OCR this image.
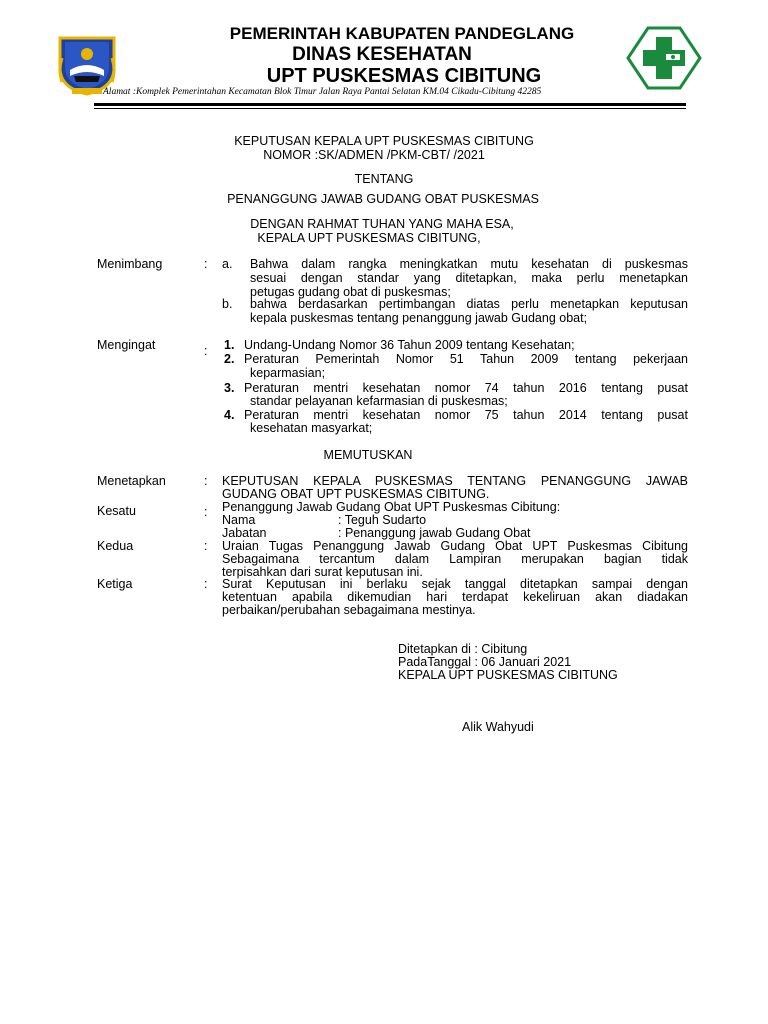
PEMERINTAH KABUPATEN PANDEGLANG
DINAS KESEHATAN
UPT PUSKESMAS CIBITUNG
Alamat :Komplek Pemerintahan Kecamatan Blok Timur Jalan Raya Pantai Selatan KM.04 Cikadu-Cibitung 42285
KEPUTUSAN KEPALA UPT PUSKESMAS CIBITUNG
NOMOR :SK/ADMEN /PKM-CBT/ /2021
TENTANG
PENANGGUNG JAWAB GUDANG OBAT PUSKESMAS
DENGAN RAHMAT TUHAN YANG MAHA ESA,
KEPALA UPT PUSKESMAS CIBITUNG,
Menimbang	: a. Bahwa dalam rangka meningkatkan mutu kesehatan di puskesmas
sesuai dengan standar yang ditetapkan, maka perlu menetapkan
petugas gudang obat di puskesmas;
b. bahwa berdasarkan pertimbangan diatas perlu menetapkan keputusan
kepala puskesmas tentang penanggung jawab Gudang obat;
Mengingat	: 1. Undang-Undang Nomor 36 Tahun 2009 tentang Kesehatan;
2. Peraturan Pemerintah Nomor 51 Tahun 2009 tentang pekerjaan
keparmasian;
3. Peraturan mentri kesehatan nomor 74 tahun 2016 tentang pusat
standar pelayanan kefarmasian di puskesmas;
4. Peraturan mentri kesehatan nomor 75 tahun 2014 tentang pusat
kesehatan masyarkat;
MEMUTUSKAN
Menetapkan	: KEPUTUSAN KEPALA PUSKESMAS TENTANG PENANGGUNG JAWAB
GUDANG OBAT UPT PUSKESMAS CIBITUNG.
Kesatu	: Penanggung Jawab Gudang Obat UPT Puskesmas Cibitung:
Nama	: Teguh Sudarto
Jabatan	: Penanggung jawab Gudang Obat
Kedua	: Uraian Tugas Penanggung Jawab Gudang Obat UPT Puskesmas Cibitung
Sebagaimana tercantum dalam Lampiran merupakan bagian tidak
terpisahkan dari surat keputusan ini.
Ketiga	: Surat Keputusan ini berlaku sejak tanggal ditetapkan sampai dengan
ketentuan apabila dikemudian hari terdapat kekeliruan akan diadakan
perbaikan/perubahan sebagaimana mestinya.
Ditetapkan di : Cibitung
PadaTanggal : 06 Januari 2021
KEPALA UPT PUSKESMAS CIBITUNG
Alik Wahyudi
